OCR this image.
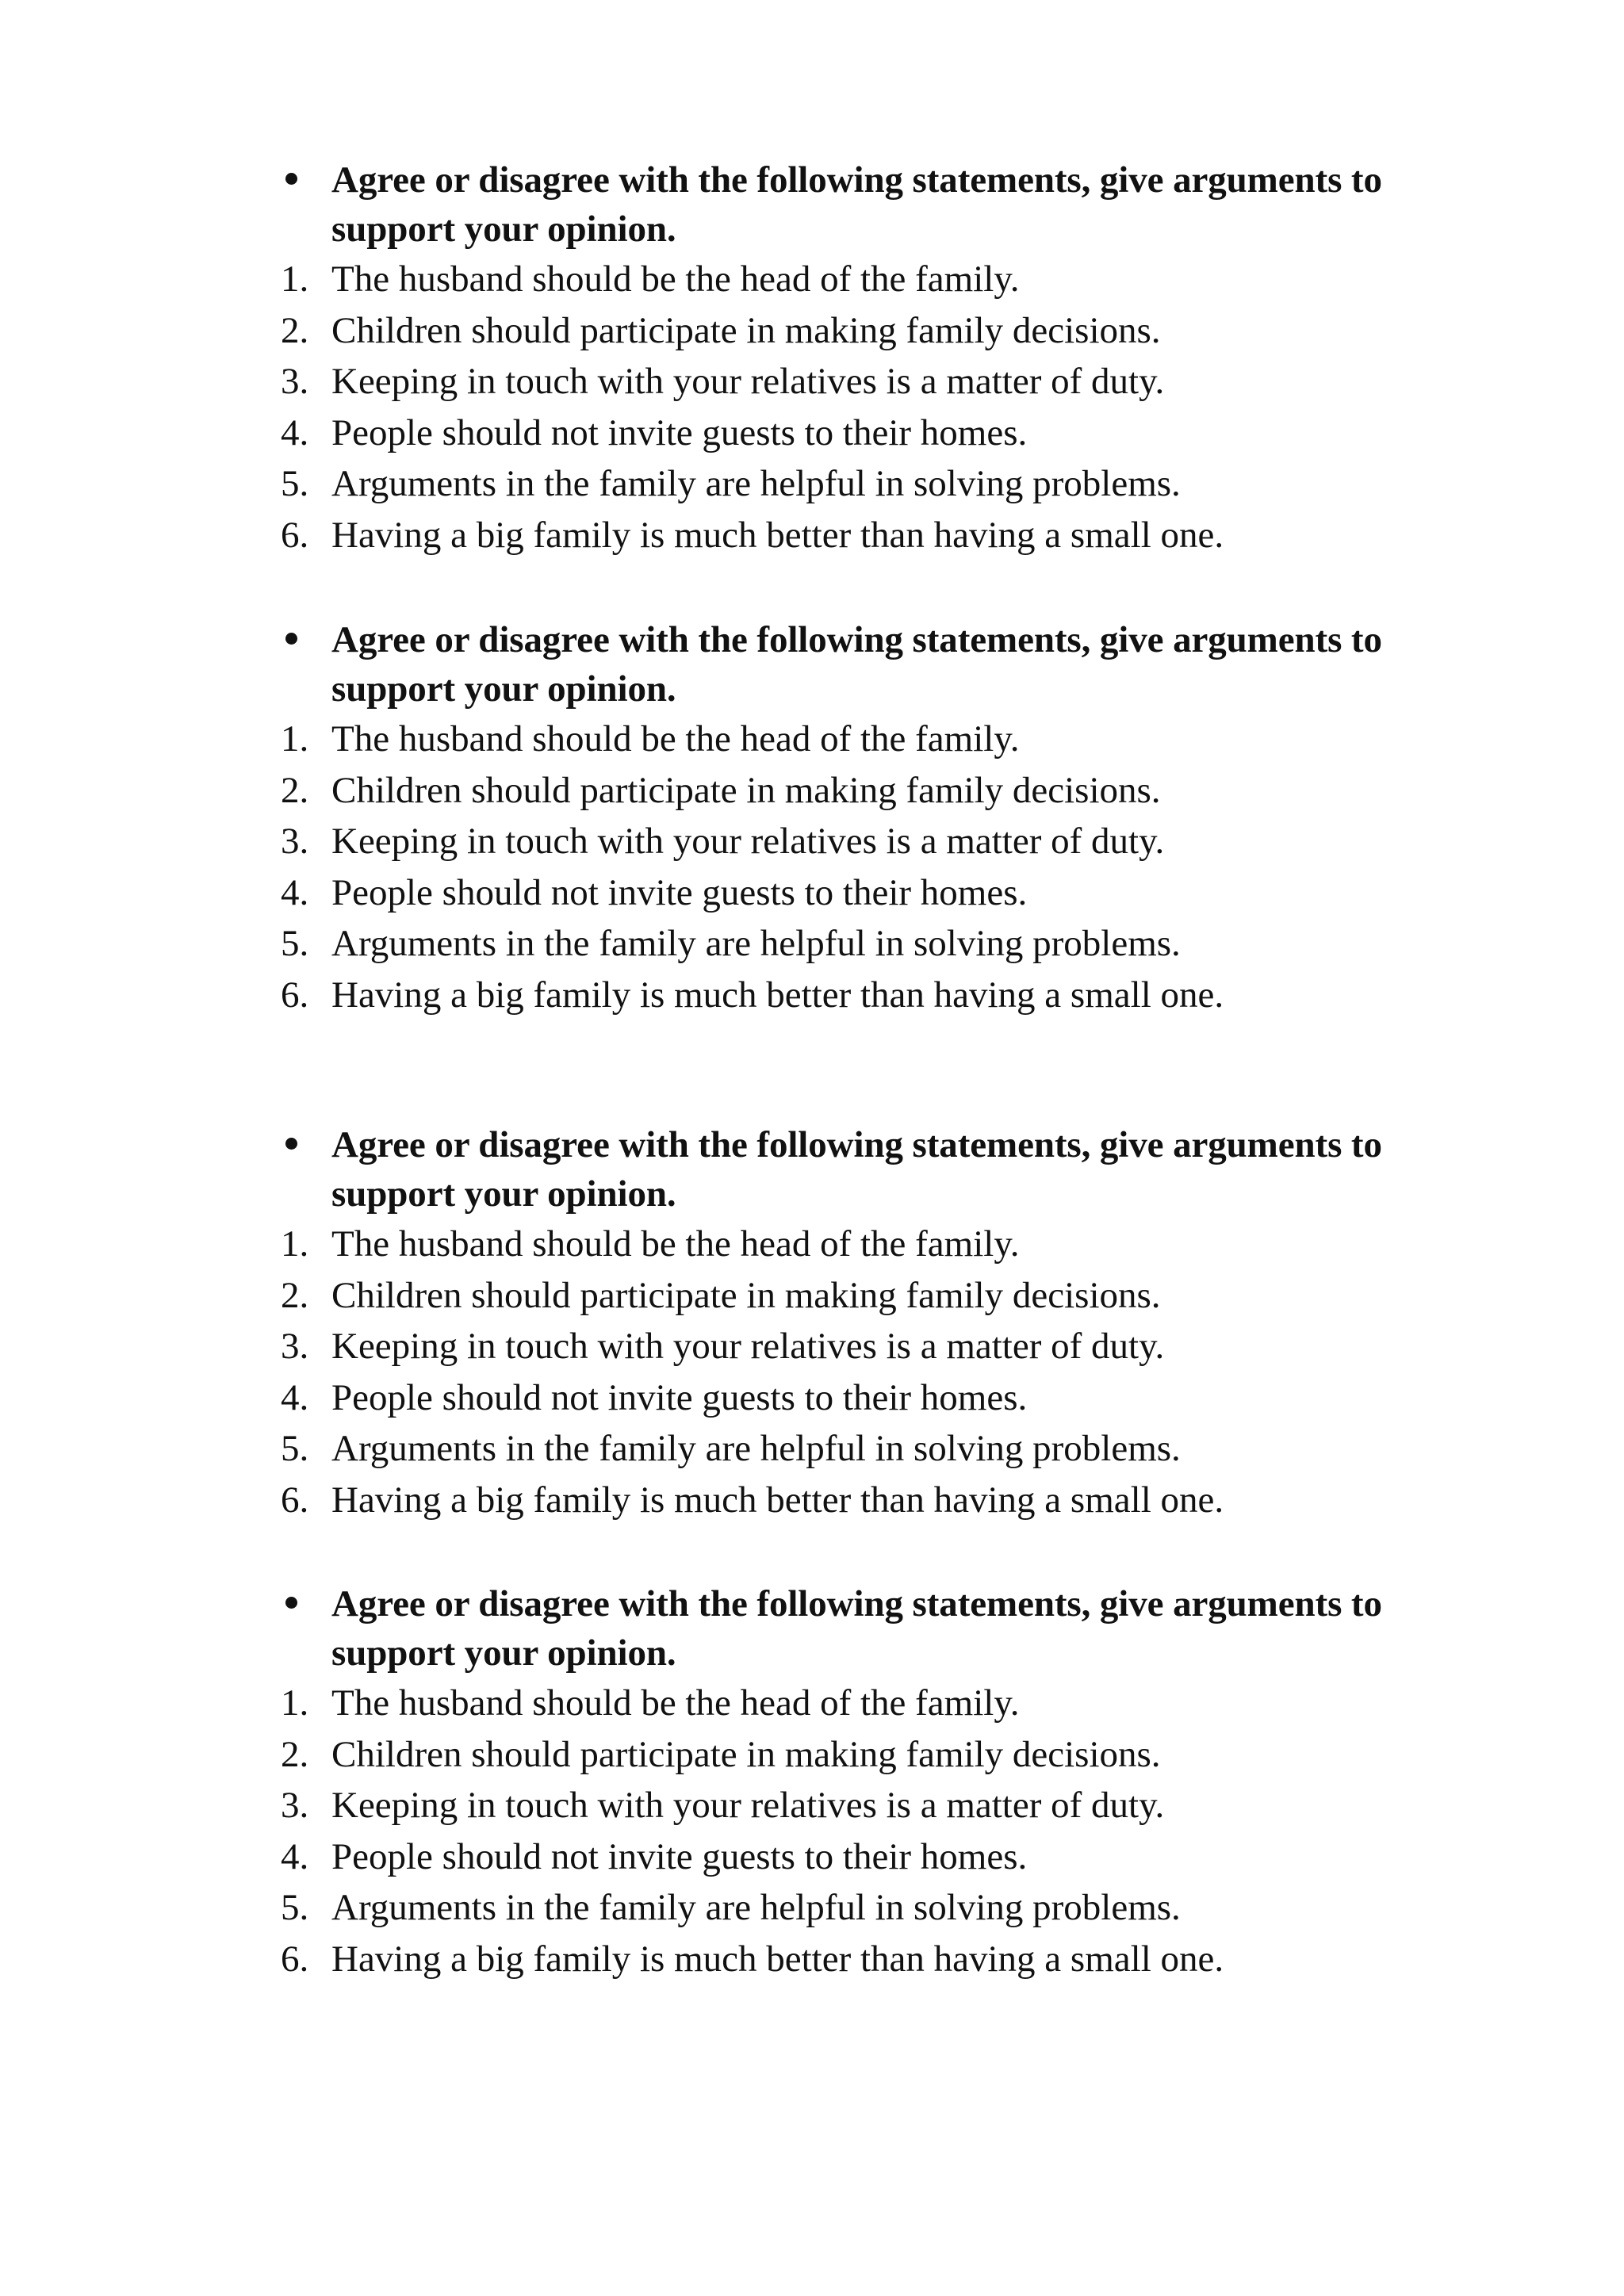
Agree or disagree with the following statements, give arguments to support your opinion.
1. The husband should be the head of the family.
2. Children should participate in making family decisions.
3. Keeping in touch with your relatives is a matter of duty.
4. People should not invite guests to their homes.
5. Arguments in the family are helpful in solving problems.
6. Having a big family is much better than having a small one.
Agree or disagree with the following statements, give arguments to support your opinion.
1. The husband should be the head of the family.
2. Children should participate in making family decisions.
3. Keeping in touch with your relatives is a matter of duty.
4. People should not invite guests to their homes.
5. Arguments in the family are helpful in solving problems.
6. Having a big family is much better than having a small one.
Agree or disagree with the following statements, give arguments to support your opinion.
1. The husband should be the head of the family.
2. Children should participate in making family decisions.
3. Keeping in touch with your relatives is a matter of duty.
4. People should not invite guests to their homes.
5. Arguments in the family are helpful in solving problems.
6. Having a big family is much better than having a small one.
Agree or disagree with the following statements, give arguments to support your opinion.
1. The husband should be the head of the family.
2. Children should participate in making family decisions.
3. Keeping in touch with your relatives is a matter of duty.
4. People should not invite guests to their homes.
5. Arguments in the family are helpful in solving problems.
6. Having a big family is much better than having a small one.
